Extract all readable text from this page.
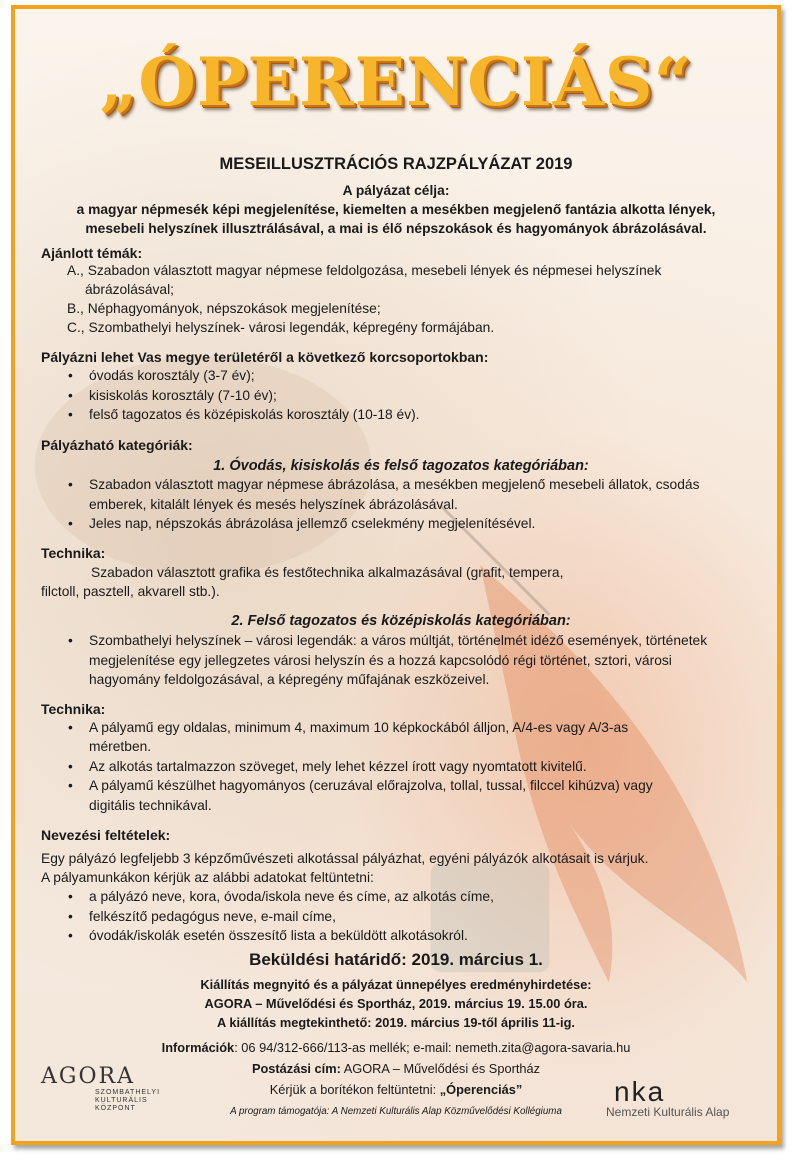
„ÓPERENCIÁS“
MESEILLUSZTRÁCIÓS RAJZPÁLYÁZAT 2019

A pályázat célja:

a magyar népmesék képi megjelenítése, kiemelten a mesékben megjelenő fantázia alkotta lények,

mesebeli helyszínek illusztrálásával, a mai is élő népszokások és hagyományok ábrázolásával.

Ajánlott témák:

A., Szabadon választott magyar népmese feldolgozása, mesebeli lények és népmesei helyszínek

ábrázolásával;

B., Néphagyományok, népszokások megjelenítése;

C., Szombathelyi helyszínek- városi legendák, képregény formájában.

Pályázni lehet Vas megye területéről a következő korcsoportokban:

• óvodás korosztály (3-7 év);
• kisiskolás korosztály (7-10 év);
• felső tagozatos és középiskolás korosztály (10-18 év).

Pályázható kategóriák:

1. Óvodás, kisiskolás és felső tagozatos kategóriában:

• Szabadon választott magyar népmese ábrázolása, a mesékben megjelenő mesebeli állatok, csodás emberek, kitalált lények és mesés helyszínek ábrázolásával.
• Jeles nap, népszokás ábrázolása jellemző cselekmény megjelenítésével.

Technika:

Szabadon választott grafika és festőtechnika alkalmazásával (grafit, tempera,

filctoll, pasztell, akvarell stb.).

2. Felső tagozatos és középiskolás kategóriában:

• Szombathelyi helyszínek – városi legendák: a város múltját, történelmét idéző események, történetek megjelenítése egy jellegzetes városi helyszín és a hozzá kapcsolódó régi történet, sztori, városi hagyomány feldolgozásával, a képregény műfajának eszközeivel.

Technika:

• A pályamű egy oldalas, minimum 4, maximum 10 képkockából álljon, A/4-es vagy A/3-as méretben.
• Az alkotás tartalmazzon szöveget, mely lehet kézzel írott vagy nyomtatott kivitelű.
• A pályamű készülhet hagyományos (ceruzával előrajzolva, tollal, tussal, filccel kihúzva) vagy digitális technikával.

Nevezési feltételek:

Egy pályázó legfeljebb 3 képzőművészeti alkotással pályázhat, egyéni pályázók alkotásait is várjuk.

A pályamunkákon kérjük az alábbi adatokat feltüntetni:

• a pályázó neve, kora, óvoda/iskola neve és címe, az alkotás címe,
• felkészítő pedagógus neve, e-mail címe,
• óvodák/iskolák esetén összesítő lista a beküldött alkotásokról.

Beküldési határidő: 2019. március 1.

Kiállítás megnyitó és a pályázat ünnepélyes eredményhirdetése:

AGORA – Művelődési és Sportház, 2019. március 19. 15.00 óra.

A kiállítás megtekinthető: 2019. március 19-től április 11-ig.

Információk: 06 94/312-666/113-as mellék; e-mail: nemeth.zita@agora-savaria.hu

Postázási cím: AGORA – Művelődési és Sportház

Kérjük a borítékon feltüntetni: „Óperenciás”

A program támogatója: A Nemzeti Kulturális Alap Közművelődési Kollégiuma
AGORA
SZOMBATHELYI
KULTURÁLIS
KÖZPONT
nka
Nemzeti Kulturális Alap
